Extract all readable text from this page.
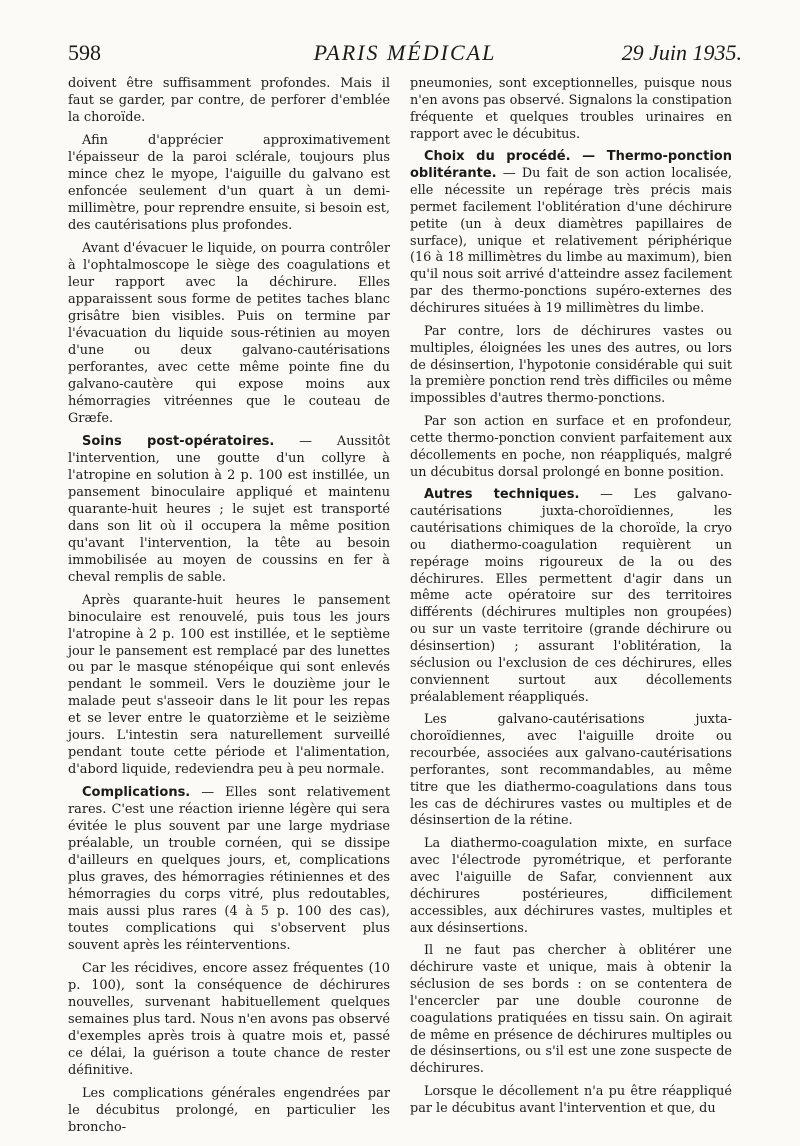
598	PARIS MÉDICAL	29 Juin 1935.

doivent être suffisamment profondes. Mais il faut se garder, par contre, de perforer d'emblée la choroïde.

Afin d'apprécier approximativement l'épaisseur de la paroi sclérale, toujours plus mince chez le myope, l'aiguille du galvano est enfoncée seulement d'un quart à un demi-millimètre, pour reprendre ensuite, si besoin est, des cautérisations plus profondes.

Avant d'évacuer le liquide, on pourra contrôler à l'ophtalmoscope le siège des coagulations et leur rapport avec la déchirure. Elles apparaissent sous forme de petites taches blanc grisâtre bien visibles. Puis on termine par l'évacuation du liquide sous-rétinien au moyen d'une ou deux galvano-cautérisations perforantes, avec cette même pointe fine du galvano-cautère qui expose moins aux hémorragies vitréennes que le couteau de Græfe.

Soins post-opératoires. — Aussitôt l'intervention, une goutte d'un collyre à l'atropine en solution à 2 p. 100 est instillée, un pansement binoculaire appliqué et maintenu quarante-huit heures ; le sujet est transporté dans son lit où il occupera la même position qu'avant l'intervention, la tête au besoin immobilisée au moyen de coussins en fer à cheval remplis de sable.

Après quarante-huit heures le pansement binoculaire est renouvelé, puis tous les jours l'atropine à 2 p. 100 est instillée, et le septième jour le pansement est remplacé par des lunettes ou par le masque sténopéique qui sont enlevés pendant le sommeil. Vers le douzième jour le malade peut s'asseoir dans le lit pour les repas et se lever entre le quatorzième et le seizième jours. L'intestin sera naturellement surveillé pendant toute cette période et l'alimentation, d'abord liquide, redeviendra peu à peu normale.

Complications. — Elles sont relativement rares. C'est une réaction irienne légère qui sera évitée le plus souvent par une large mydriase préalable, un trouble cornéen, qui se dissipe d'ailleurs en quelques jours, et, complications plus graves, des hémorragies rétiniennes et des hémorragies du corps vitré, plus redoutables, mais aussi plus rares (4 à 5 p. 100 des cas), toutes complications qui s'observent plus souvent après les réinterventions.

Car les récidives, encore assez fréquentes (10 p. 100), sont la conséquence de déchirures nouvelles, survenant habituellement quelques semaines plus tard. Nous n'en avons pas observé d'exemples après trois à quatre mois et, passé ce délai, la guérison a toute chance de rester définitive.

Les complications générales engendrées par le décubitus prolongé, en particulier les broncho-

pneumonies, sont exceptionnelles, puisque nous n'en avons pas observé. Signalons la constipation fréquente et quelques troubles urinaires en rapport avec le décubitus.

Choix du procédé. — Thermo-ponction oblitérante. — Du fait de son action localisée, elle nécessite un repérage très précis mais permet facilement l'oblitération d'une déchirure petite (un à deux diamètres papillaires de surface), unique et relativement périphérique (16 à 18 millimètres du limbe au maximum), bien qu'il nous soit arrivé d'atteindre assez facilement par des thermo-ponctions supéro-externes des déchirures situées à 19 millimètres du limbe.

Par contre, lors de déchirures vastes ou multiples, éloignées les unes des autres, ou lors de désinsertion, l'hypotonie considérable qui suit la première ponction rend très difficiles ou même impossibles d'autres thermo-ponctions.

Par son action en surface et en profondeur, cette thermo-ponction convient parfaitement aux décollements en poche, non réappliqués, malgré un décubitus dorsal prolongé en bonne position.

Autres techniques. — Les galvano-cautérisations juxta-choroïdiennes, les cautérisations chimiques de la choroïde, la cryo ou diathermo-coagulation requièrent un repérage moins rigoureux de la ou des déchirures. Elles permettent d'agir dans un même acte opératoire sur des territoires différents (déchirures multiples non groupées) ou sur un vaste territoire (grande déchirure ou désinsertion) ; assurant l'oblitération, la séclusion ou l'exclusion de ces déchirures, elles conviennent surtout aux décollements préalablement réappliqués.

Les galvano-cautérisations juxta-choroïdiennes, avec l'aiguille droite ou recourbée, associées aux galvano-cautérisations perforantes, sont recommandables, au même titre que les diathermo-coagulations dans tous les cas de déchirures vastes ou multiples et de désinsertion de la rétine.

La diathermo-coagulation mixte, en surface avec l'électrode pyrométrique, et perforante avec l'aiguille de Safar, conviennent aux déchirures postérieures, difficilement accessibles, aux déchirures vastes, multiples et aux désinsertions.

Il ne faut pas chercher à oblitérer une déchirure vaste et unique, mais à obtenir la séclusion de ses bords : on se contentera de l'encercler par une double couronne de coagulations pratiquées en tissu sain. On agirait de même en présence de déchirures multiples ou de désinsertions, ou s'il est une zone suspecte de déchirures.

Lorsque le décollement n'a pu être réappliqué par le décubitus avant l'intervention et que, du
